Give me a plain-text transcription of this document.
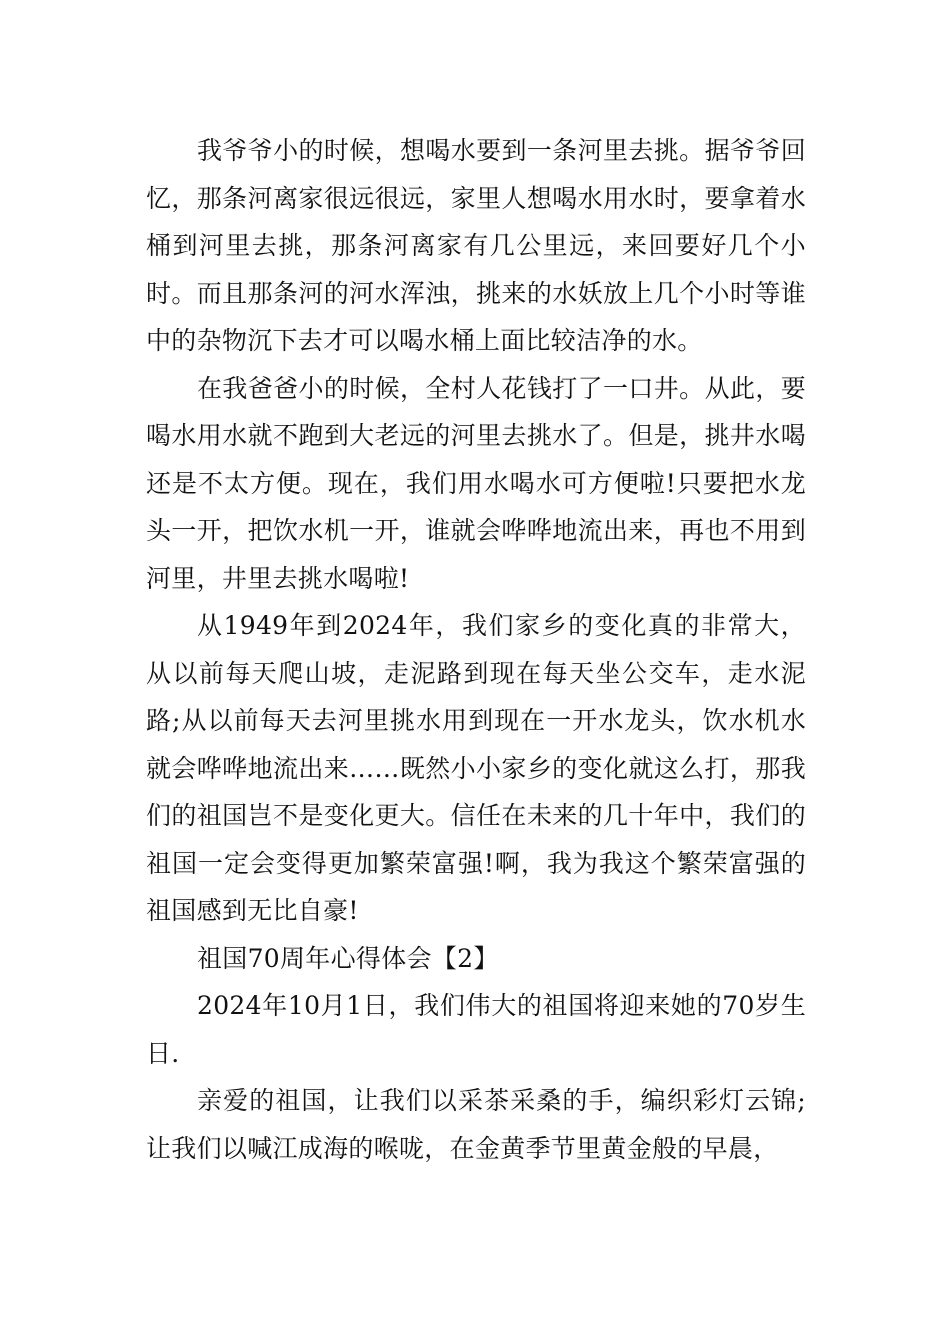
我爷爷小的时候，想喝水要到一条河里去挑。据爷爷回忆，那条河离家很远很远，家里人想喝水用水时，要拿着水桶到河里去挑，那条河离家有几公里远，来回要好几个小时。而且那条河的河水浑浊，挑来的水妖放上几个小时等谁中的杂物沉下去才可以喝水桶上面比较洁净的水。

在我爸爸小的时候，全村人花钱打了一口井。从此，要喝水用水就不跑到大老远的河里去挑水了。但是，挑井水喝还是不太方便。现在，我们用水喝水可方便啦!只要把水龙头一开，把饮水机一开，谁就会哗哗地流出来，再也不用到河里，井里去挑水喝啦!

从1949年到2024年，我们家乡的变化真的非常大，从以前每天爬山坡，走泥路到现在每天坐公交车，走水泥路;从以前每天去河里挑水用到现在一开水龙头，饮水机水就会哗哗地流出来……既然小小家乡的变化就这么打，那我们的祖国岂不是变化更大。信任在未来的几十年中，我们的祖国一定会变得更加繁荣富强!啊，我为我这个繁荣富强的祖国感到无比自豪!

祖国70周年心得体会【2】

2024年10月1日，我们伟大的祖国将迎来她的70岁生日.

亲爱的祖国，让我们以采茶采桑的手，编织彩灯云锦;让我们以喊江成海的喉咙，在金黄季节里黄金般的早晨，
